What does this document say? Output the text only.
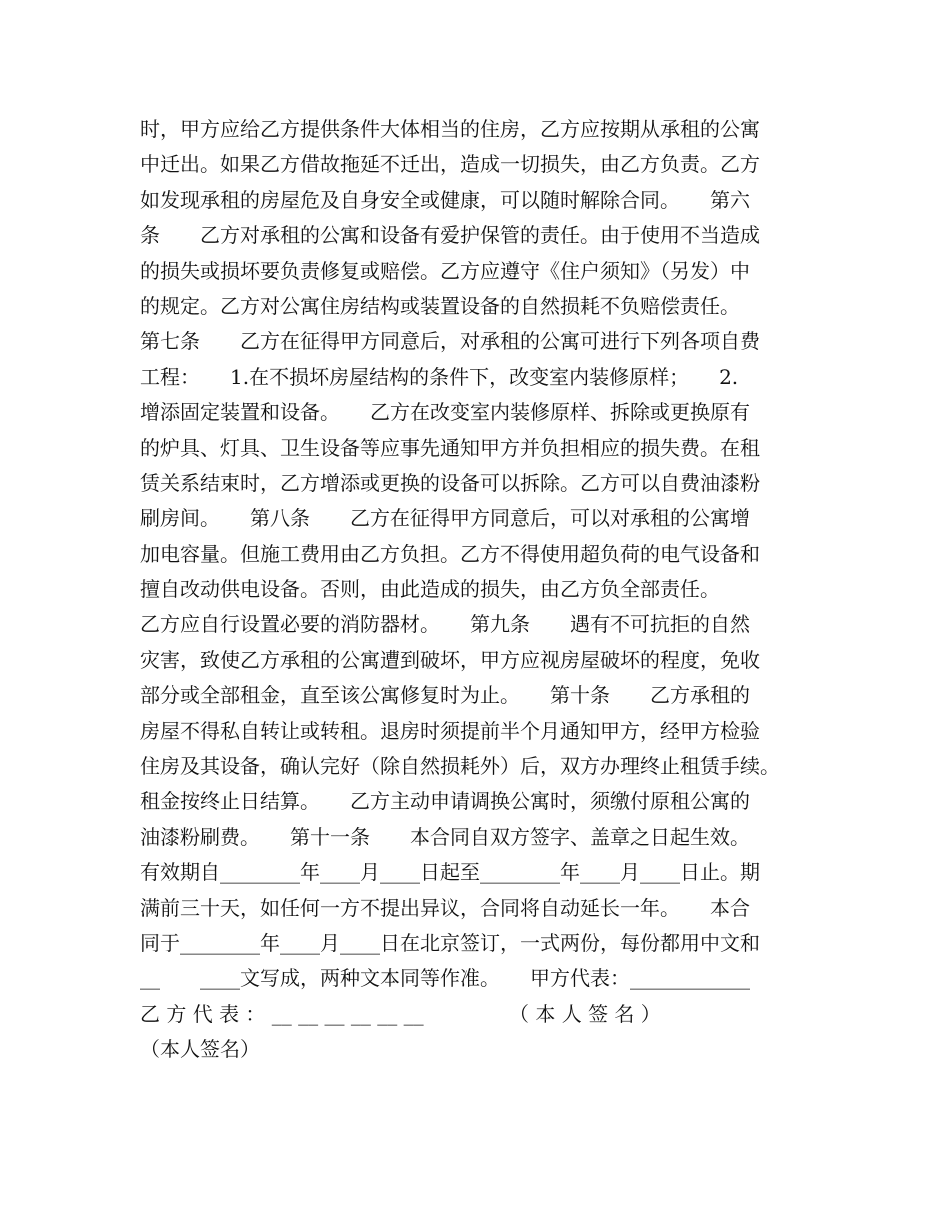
时，甲方应给乙方提供条件大体相当的住房，乙方应按期从承租的公寓
中迁出。如果乙方借故拖延不迁出，造成一切损失，由乙方负责。乙方
如发现承租的房屋危及自身安全或健康，可以随时解除合同。　　第六
条　　乙方对承租的公寓和设备有爱护保管的责任。由于使用不当造成
的损失或损坏要负责修复或赔偿。乙方应遵守《住户须知》（另发）中
的规定。乙方对公寓住房结构或装置设备的自然损耗不负赔偿责任。
第七条　　乙方在征得甲方同意后，对承租的公寓可进行下列各项自费
工程：　　1.在不损坏房屋结构的条件下，改变室内装修原样；　　2.
增添固定装置和设备。　　乙方在改变室内装修原样、拆除或更换原有
的炉具、灯具、卫生设备等应事先通知甲方并负担相应的损失费。在租
赁关系结束时，乙方增添或更换的设备可以拆除。乙方可以自费油漆粉
刷房间。　　第八条　　乙方在征得甲方同意后，可以对承租的公寓增
加电容量。但施工费用由乙方负担。乙方不得使用超负荷的电气设备和
擅自改动供电设备。否则，由此造成的损失，由乙方负全部责任。
乙方应自行设置必要的消防器材。　　第九条　　遇有不可抗拒的自然
灾害，致使乙方承租的公寓遭到破坏，甲方应视房屋破坏的程度，免收
部分或全部租金，直至该公寓修复时为止。　　第十条　　乙方承租的
房屋不得私自转让或转租。退房时须提前半个月通知甲方，经甲方检验
住房及其设备，确认完好（除自然损耗外）后，双方办理终止租赁手续。
租金按终止日结算。　　乙方主动申请调换公寓时，须缴付原租公寓的
油漆粉刷费。　　第十一条　　本合同自双方签字、盖章之日起生效。
有效期自________年____月____日起至________年____月____日止。期
满前三十天，如任何一方不提出异议，合同将自动延长一年。　　本合
同于________年____月____日在北京签订，一式两份，每份都用中文和
__　　____文写成，两种文本同等作准。　　甲方代表：____________
乙 方 代 表 ： __ __ __ __ __ __ 　 　 　 （ 本 人 签 名 ）
（本人签名）
